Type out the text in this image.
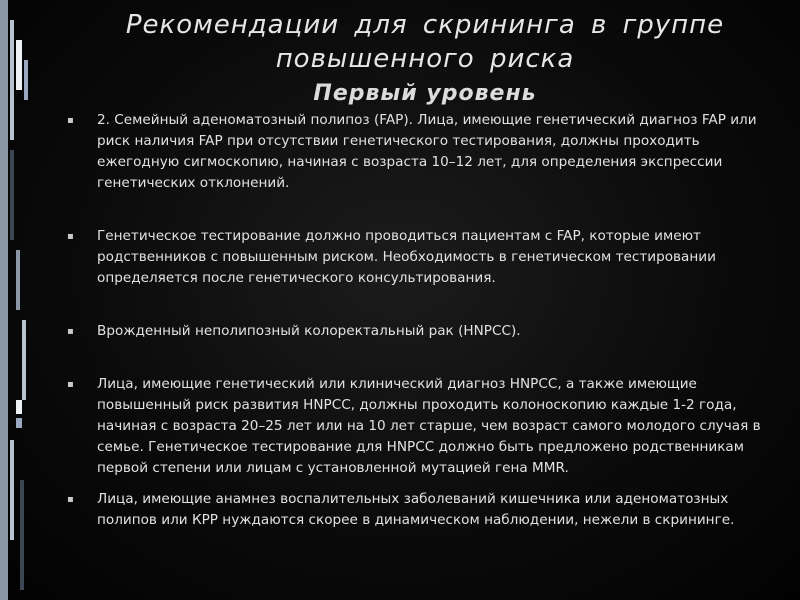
Рекомендации для скрининга в группе повышенного риска
Первый уровень
▪ 2. Семейный аденоматозный полипоз (FAP). Лица, имеющие генетический диагноз FAP или риск наличия FAP при отсутствии генетического тестирования, должны проходить ежегодную сигмоскопию, начиная с возраста 10–12 лет, для определения экспрессии генетических отклонений.
▪ Генетическое тестирование должно проводиться пациентам с FAP, которые имеют родственников с повышенным риском. Необходимость в генетическом тестировании определяется после генетического консультирования.
▪ Врожденный неполипозный колоректальный рак (HNPCC).
▪ Лица, имеющие генетический или клинический диагноз HNPCC, а также имеющие повышенный риск развития HNPCC, должны проходить колоноскопию каждые 1-2 года, начиная с возраста 20–25 лет или на 10 лет старше, чем возраст самого молодого случая в семье. Генетическое тестирование для HNPCC должно быть предложено родственникам первой степени или лицам с установленной мутацией гена MMR.
▪ Лица, имеющие анамнез воспалительных заболеваний кишечника или аденоматозных полипов или КРР нуждаются скорее в динамическом наблюдении, нежели в скрининге.
